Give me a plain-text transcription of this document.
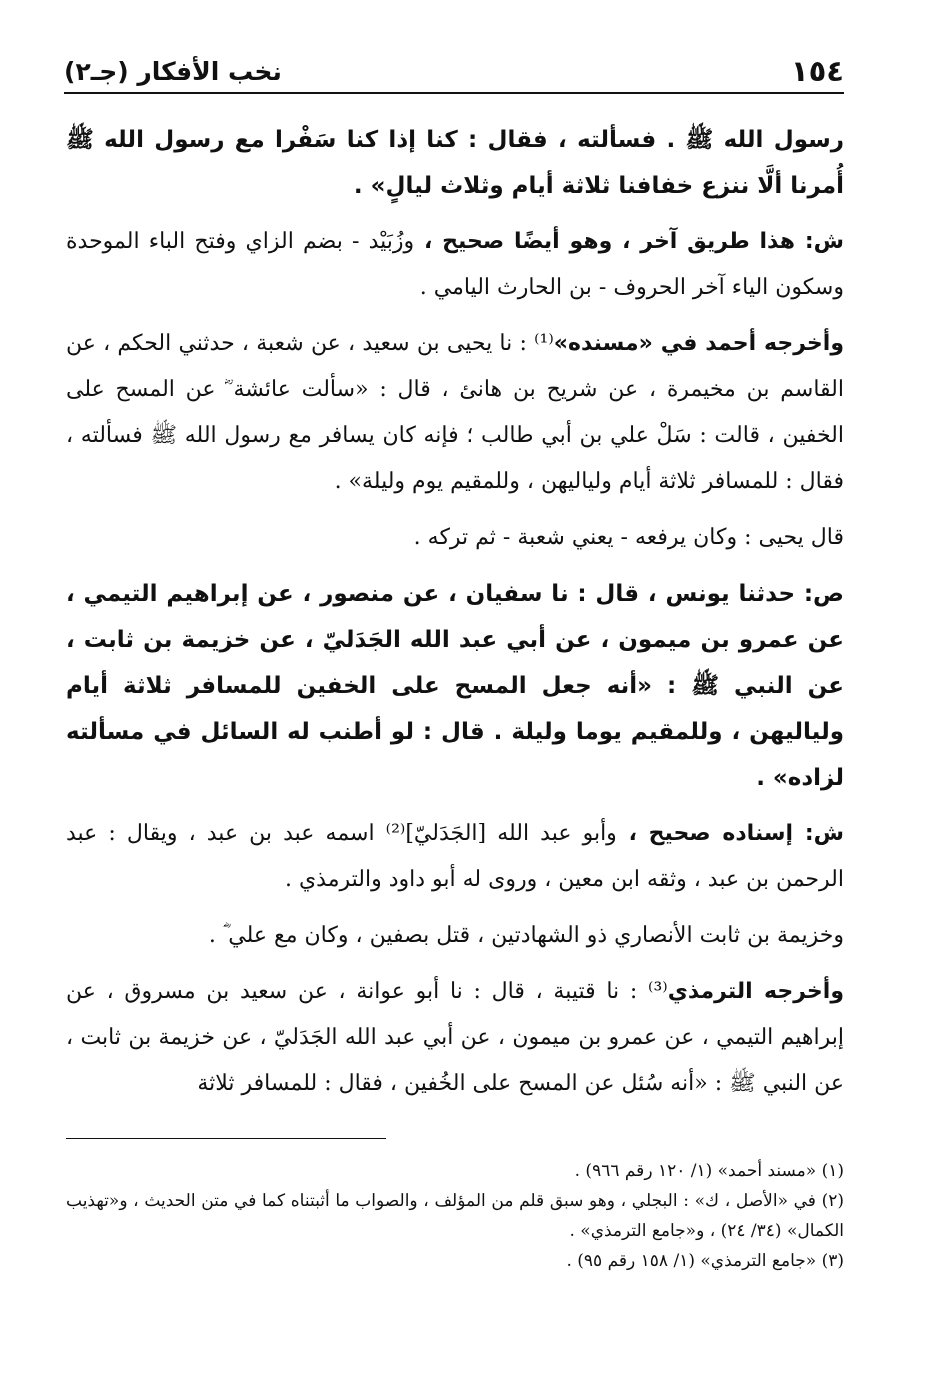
١٥٤
نخب الأفكار (جـ٢)

رسول الله ﷺ . فسألته ، فقال : كنا إذا كنا سَفْرا مع رسول الله ﷺ أُمرنا ألَّا ننزع خفافنا ثلاثة أيام وثلاث ليالٍ» .

ش: هذا طريق آخر ، وهو أيضًا صحيح ، وزُبَيْد - بضم الزاي وفتح الباء الموحدة وسكون الياء آخر الحروف - بن الحارث اليامي .

وأخرجه أحمد في «مسنده»⁽¹⁾ : نا يحيى بن سعيد ، عن شعبة ، حدثني الحكم ، عن القاسم بن مخيمرة ، عن شريح بن هانئ ، قال : «سألت عائشة ؓ عن المسح على الخفين ، قالت : سَلْ علي بن أبي طالب ؛ فإنه كان يسافر مع رسول الله ﷺ فسألته ، فقال : للمسافر ثلاثة أيام ولياليهن ، وللمقيم يوم وليلة» .

قال يحيى : وكان يرفعه - يعني شعبة - ثم تركه .

ص: حدثنا يونس ، قال : نا سفيان ، عن منصور ، عن إبراهيم التيمي ، عن عمرو بن ميمون ، عن أبي عبد الله الجَدَليّ ، عن خزيمة بن ثابت ، عن النبي ﷺ : «أنه جعل المسح على الخفين للمسافر ثلاثة أيام ولياليهن ، وللمقيم يوما وليلة . قال : لو أطنب له السائل في مسألته لزاده» .

ش: إسناده صحيح ، وأبو عبد الله [الجَدَليّ]⁽²⁾ اسمه عبد بن عبد ، ويقال : عبد الرحمن بن عبد ، وثقه ابن معين ، وروى له أبو داود والترمذي .

وخزيمة بن ثابت الأنصاري ذو الشهادتين ، قتل بصفين ، وكان مع علي ؓ .

وأخرجه الترمذي⁽³⁾ : نا قتيبة ، قال : نا أبو عوانة ، عن سعيد بن مسروق ، عن إبراهيم التيمي ، عن عمرو بن ميمون ، عن أبي عبد الله الجَدَليّ ، عن خزيمة بن ثابت ، عن النبي ﷺ : «أنه سُئل عن المسح على الخُفين ، فقال : للمسافر ثلاثة

(١) «مسند أحمد» (١/ ١٢٠ رقم ٩٦٦) .

(٢) في «الأصل ، ك» : البجلي ، وهو سبق قلم من المؤلف ، والصواب ما أثبتناه كما في متن الحديث ، و«تهذيب الكمال» (٣٤/ ٢٤) ، و«جامع الترمذي» .

(٣) «جامع الترمذي» (١/ ١٥٨ رقم ٩٥) .
